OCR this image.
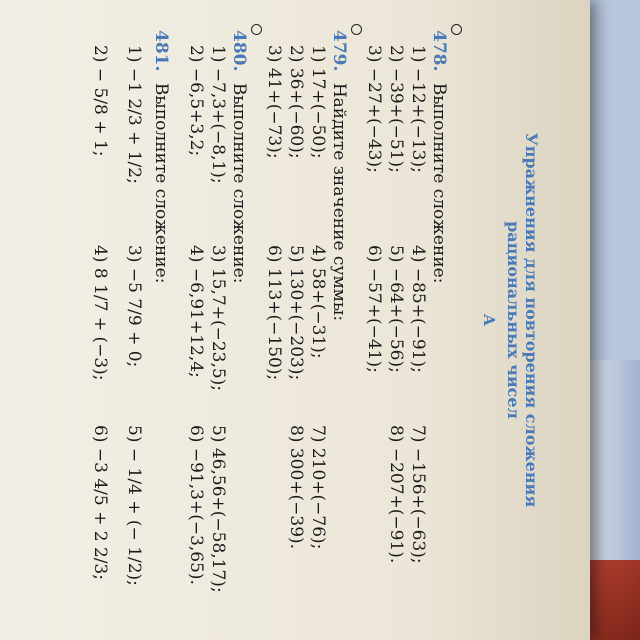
Упражнения для повторения сложения
рациональных чисел
А
478. Выполните сложение:
1) −12+(−13);
2) −39+(−51);
3) −27+(−43);
4) −85+(−91);
5) −64+(−56);
6) −57+(−41);
7) −156+(−63);
8) −207+(−91).
479. Найдите значение суммы:
1) 17+(−50);
2) 36+(−60);
3) 41+(−73);
4) 58+(−31);
5) 130+(−203);
6) 113+(−150);
7) 210+(−76);
8) 300+(−39).
480. Выполните сложение:
1) −7,3+(−8,1);
2) −6,5+3,2;
3) 15,7+(−23,5);
4) −6,91+12,4;
5) 46,56+(−58,17);
6) −91,3+(−3,65).
481. Выполните сложение:
1) −1 2/3 + 1/2;
2) − 5/8 + 1;
3) −5 7/9 + 0;
4) 8 1/7 + (−3);
5) − 1/4 + (− 1/2);
6) −3 4/5 + 2 2/3;
